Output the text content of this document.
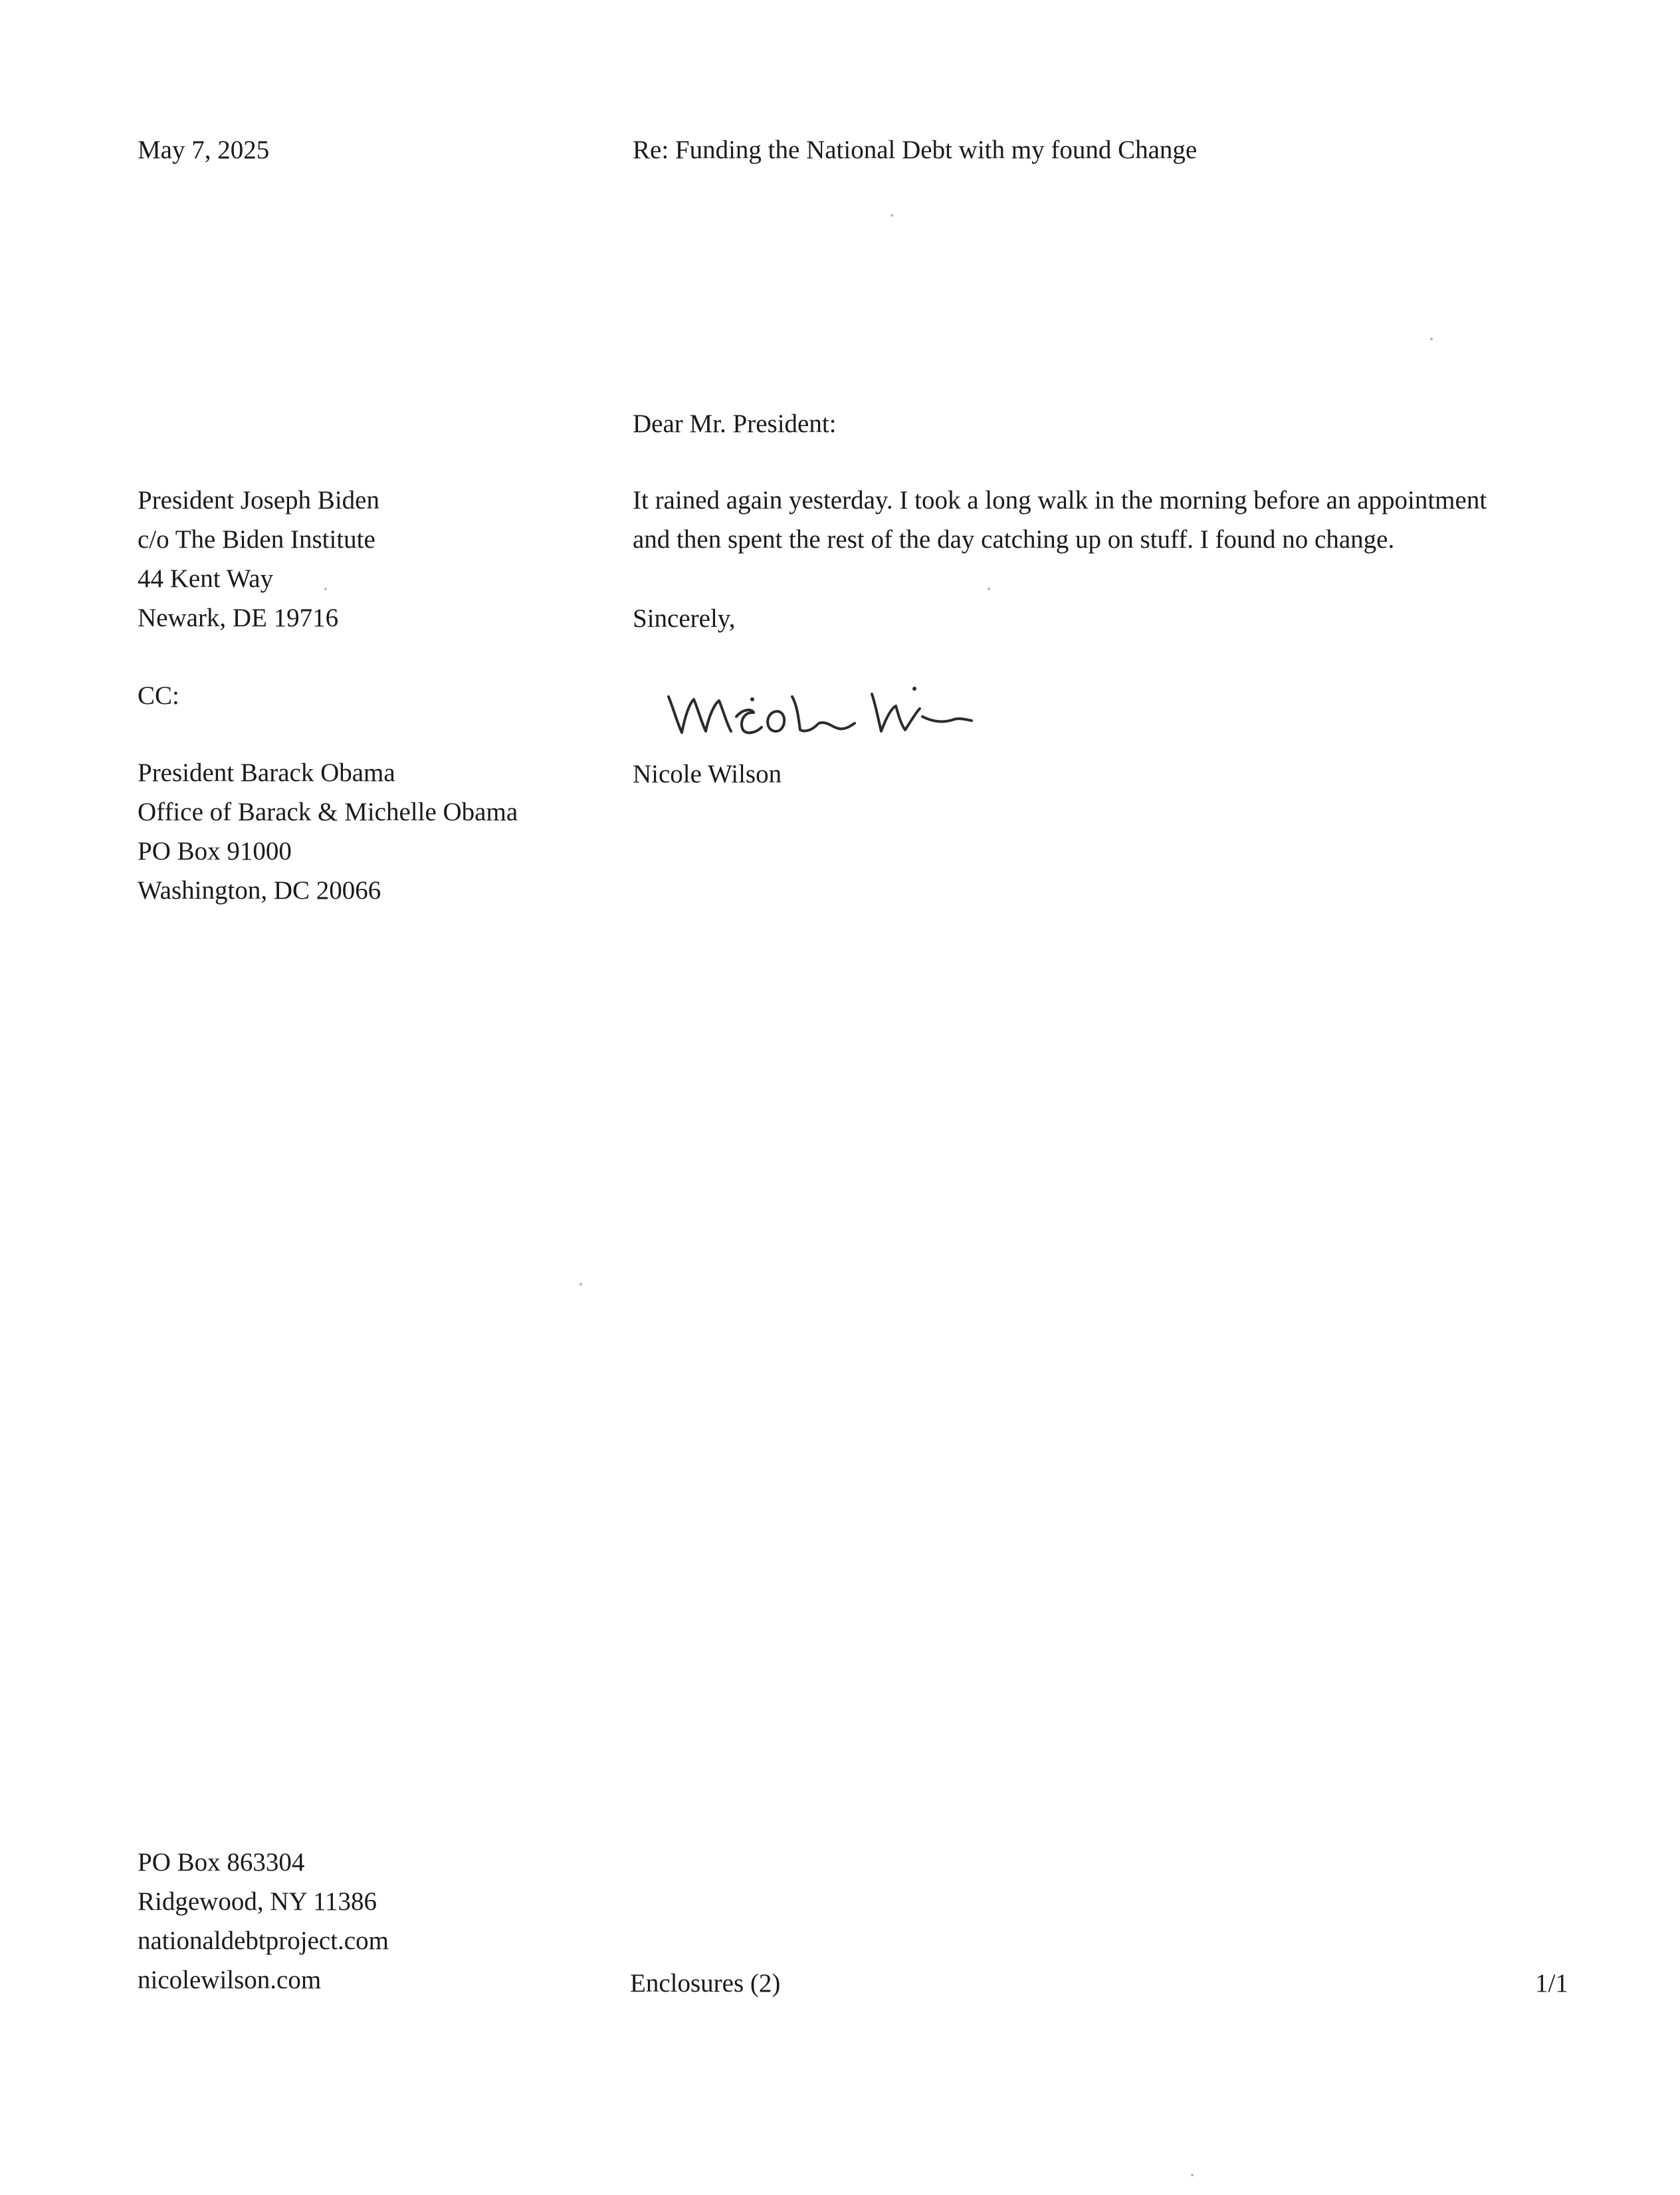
May 7, 2025	Re: Funding the National Debt with my found Change
Dear Mr. President:
President Joseph Biden
c/o The Biden Institute
44 Kent Way
Newark, DE 19716
It rained again yesterday. I took a long walk in the morning before an appointment
and then spent the rest of the day catching up on stuff. I found no change.
Sincerely,
CC:
Nicole Wilson
President Barack Obama
Office of Barack & Michelle Obama
PO Box 91000
Washington, DC 20066
PO Box 863304
Ridgewood, NY 11386
nationaldebtproject.com
nicolewilson.com	Enclosures (2)	1/1
